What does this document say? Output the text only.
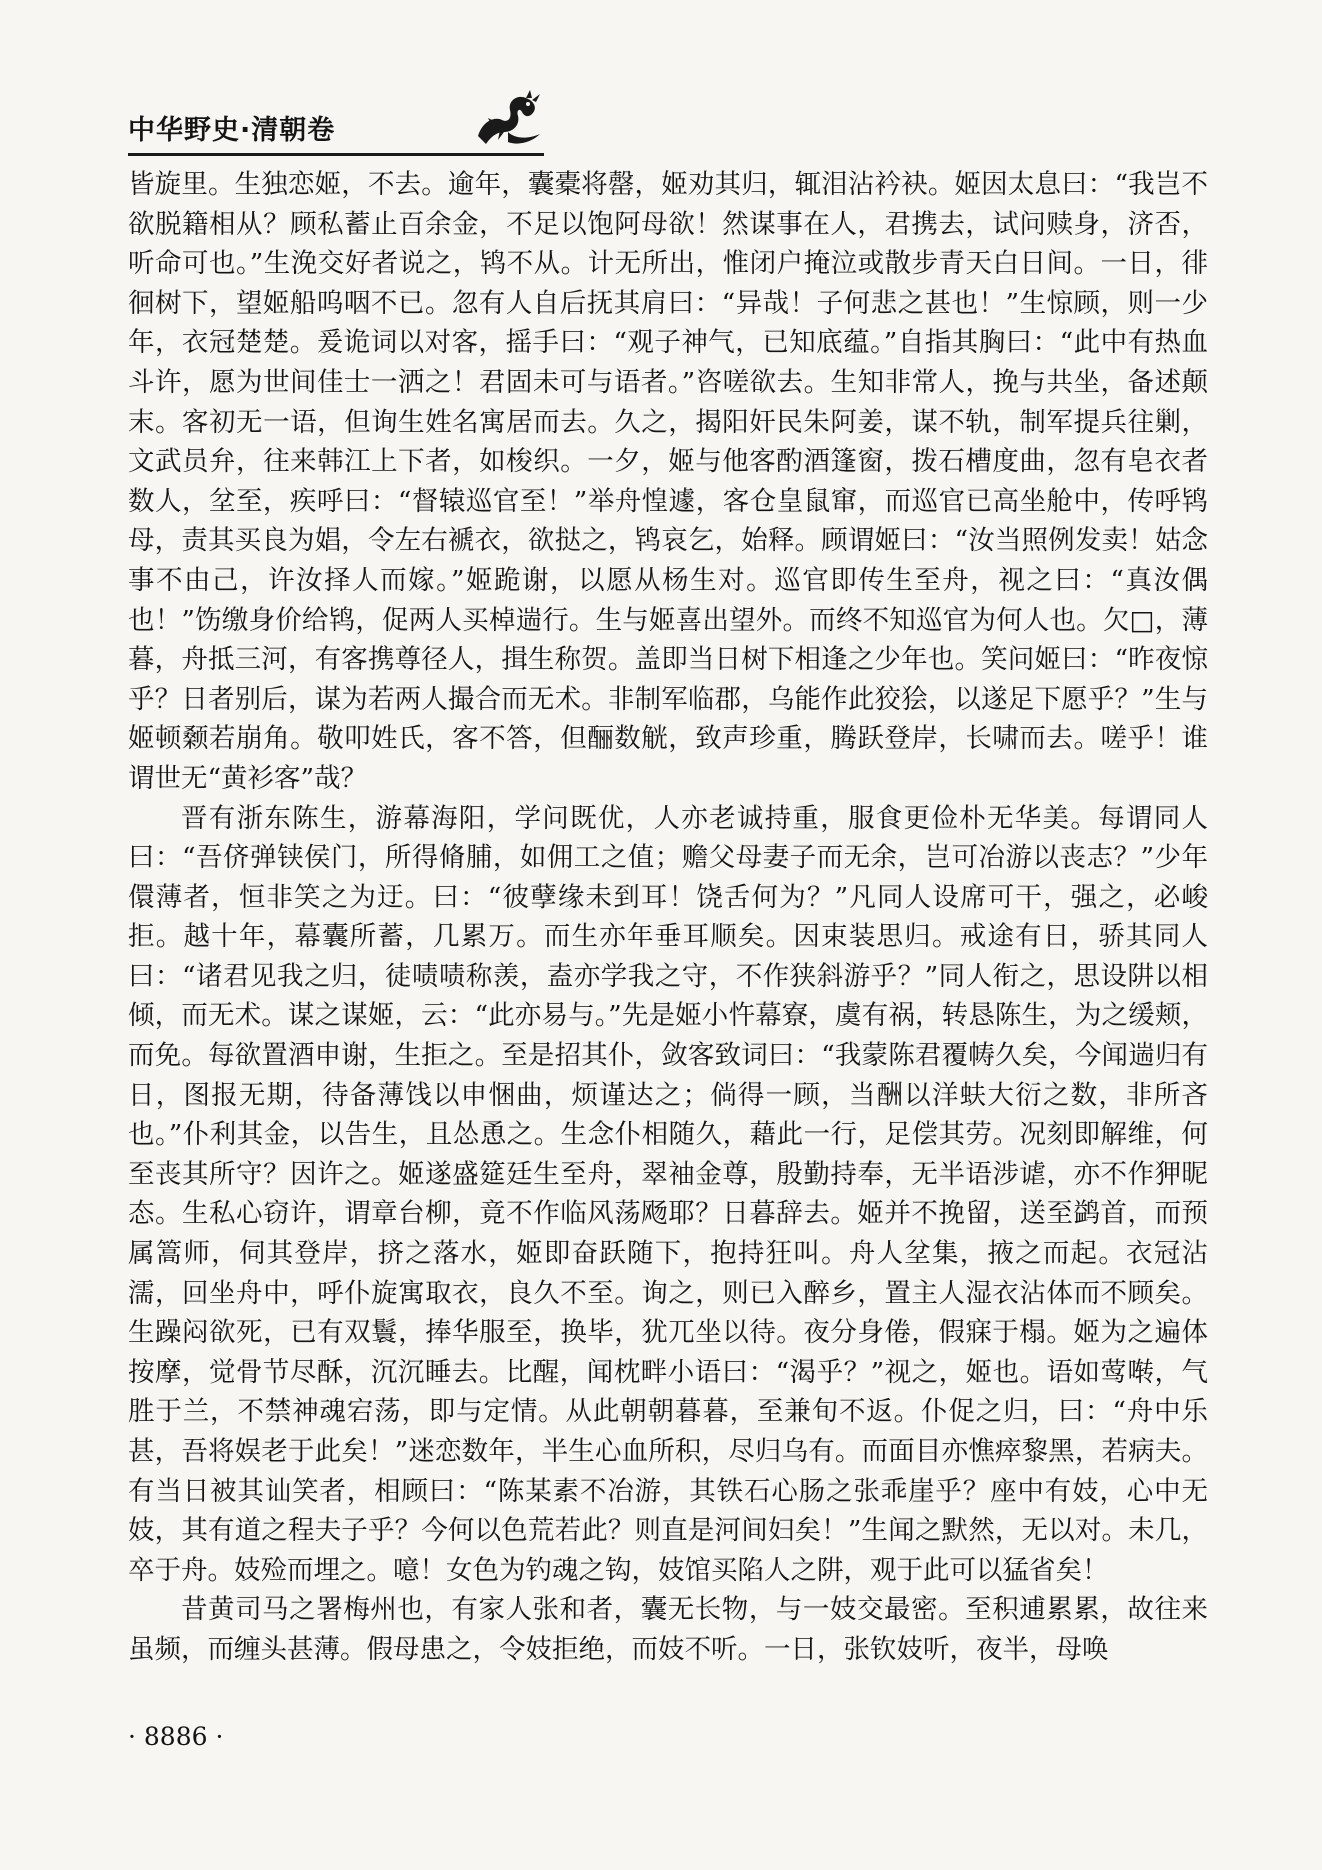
中华野史·清朝卷

皆旋里。生独恋姬，不去。逾年，囊橐将罄，姬劝其归，辄泪沾衿袂。姬因太息曰：“我岂不欲脱籍相从？顾私蓄止百余金，不足以饱阿母欲！然谋事在人，君携去，试问赎身，济否，听命可也。”生浼交好者说之，鸨不从。计无所出，惟闭户掩泣或散步青天白日间。一日，徘徊树下，望姬船呜咽不已。忽有人自后抚其肩曰：“异哉！子何悲之甚也！”生惊顾，则一少年，衣冠楚楚。爰诡词以对客，摇手曰：“观子神气，已知底蕴。”自指其胸曰：“此中有热血斗许，愿为世间佳士一洒之！君固未可与语者。”咨嗟欲去。生知非常人，挽与共坐，备述颠末。客初无一语，但询生姓名寓居而去。久之，揭阳奸民朱阿姜，谋不轨，制军提兵往剿，文武员弁，往来韩江上下者，如梭织。一夕，姬与他客酌酒篷窗，拨石槽度曲，忽有皂衣者数人，坌至，疾呼曰：“督辕巡官至！”举舟惶遽，客仓皇鼠窜，而巡官已高坐舱中，传呼鸨母，责其买良为娼，令左右褫衣，欲挞之，鸨哀乞，始释。顾谓姬曰：“汝当照例发卖！姑念事不由己，许汝择人而嫁。”姬跪谢，以愿从杨生对。巡官即传生至舟，视之曰：“真汝偶也！”饬缴身价给鸨，促两人买棹遄行。生与姬喜出望外。而终不知巡官为何人也。欠□，薄暮，舟抵三河，有客携尊径人，揖生称贺。盖即当日树下相逢之少年也。笑问姬曰：“昨夜惊乎？日者别后，谋为若两人撮合而无术。非制军临郡，乌能作此狡狯，以遂足下愿乎？”生与姬顿颡若崩角。敬叩姓氏，客不答，但酾数觥，致声珍重，腾跃登岸，长啸而去。嗟乎！谁谓世无“黄衫客”哉？

晋有浙东陈生，游幕海阳，学问既优，人亦老诚持重，服食更俭朴无华美。每谓同人曰：“吾侪弹铗侯门，所得脩脯，如佣工之值；赡父母妻子而无余，岂可冶游以丧志？”少年儇薄者，恒非笑之为迂。曰：“彼孽缘未到耳！饶舌何为？”凡同人设席可干，强之，必峻拒。越十年，幕囊所蓄，几累万。而生亦年垂耳顺矣。因束装思归。戒途有日，骄其同人曰：“诸君见我之归，徒啧啧称羡，盍亦学我之守，不作狭斜游乎？”同人衔之，思设阱以相倾，而无术。谋之谋姬，云：“此亦易与。”先是姬小忤幕寮，虞有祸，转恳陈生，为之缓颊，而免。每欲置酒申谢，生拒之。至是招其仆，敛客致词曰：“我蒙陈君覆帱久矣，今闻遄归有日，图报无期，待备薄饯以申悃曲，烦谨达之；倘得一顾，当酬以洋蚨大衍之数，非所吝也。”仆利其金，以告生，且怂恿之。生念仆相随久，藉此一行，足偿其劳。况刻即解维，何至丧其所守？因许之。姬遂盛筵廷生至舟，翠袖金尊，殷勤持奉，无半语涉谑，亦不作狎昵态。生私心窃许，谓章台柳，竟不作临风荡飏耶？日暮辞去。姬并不挽留，送至鹢首，而预属篙师，伺其登岸，挤之落水，姬即奋跃随下，抱持狂叫。舟人坌集，掖之而起。衣冠沾濡，回坐舟中，呼仆旋寓取衣，良久不至。询之，则已入醉乡，置主人湿衣沾体而不顾矣。生躁闷欲死，已有双鬟，捧华服至，换毕，犹兀坐以待。夜分身倦，假寐于榻。姬为之遍体按摩，觉骨节尽酥，沉沉睡去。比醒，闻枕畔小语曰：“渴乎？”视之，姬也。语如莺啭，气胜于兰，不禁神魂宕荡，即与定情。从此朝朝暮暮，至兼旬不返。仆促之归，曰：“舟中乐甚，吾将娱老于此矣！”迷恋数年，半生心血所积，尽归乌有。而面目亦憔瘁黎黑，若病夫。有当日被其讪笑者，相顾曰：“陈某素不冶游，其铁石心肠之张乖崖乎？座中有妓，心中无妓，其有道之程夫子乎？今何以色荒若此？则直是河间妇矣！”生闻之默然，无以对。未几，卒于舟。妓殓而埋之。噫！女色为钓魂之钩，妓馆买陷人之阱，观于此可以猛省矣！

昔黄司马之署梅州也，有家人张和者，囊无长物，与一妓交最密。至积逋累累，故往来虽频，而缠头甚薄。假母患之，令妓拒绝，而妓不听。一日，张钦妓听，夜半，母唤

· 8886 ·
